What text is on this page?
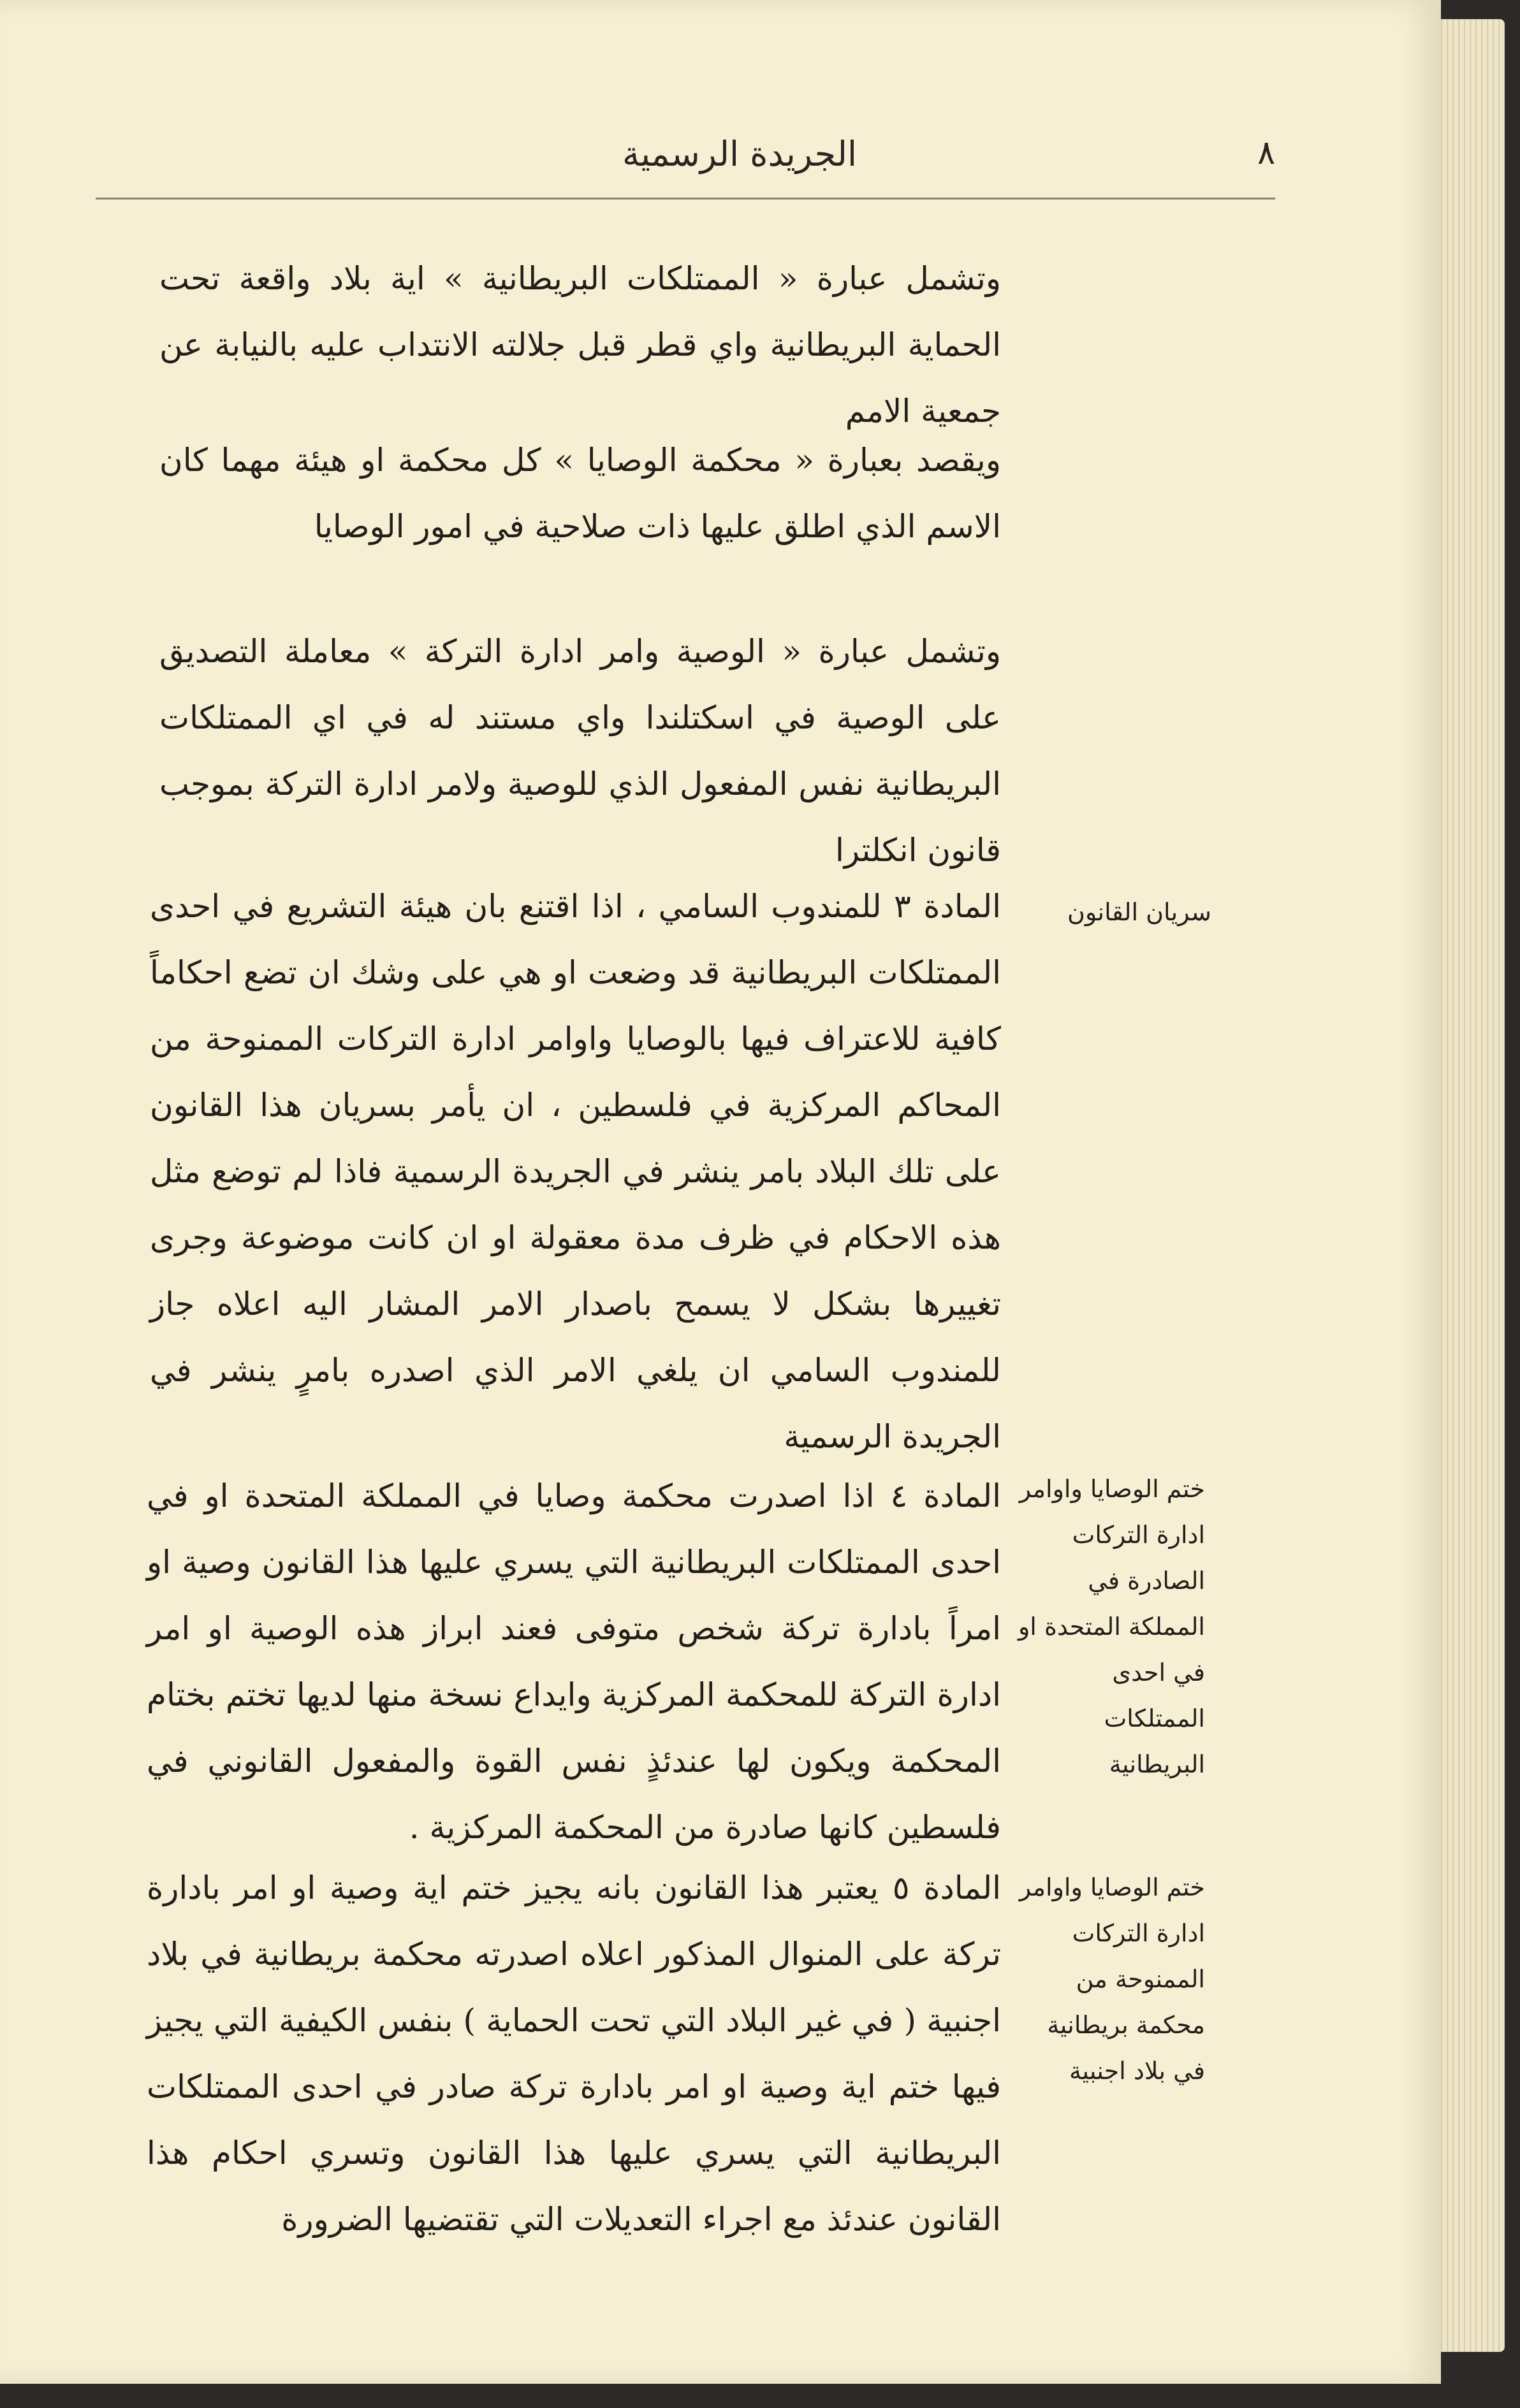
٨
الجريدة الرسمية
وتشمل عبارة « الممتلكات البريطانية » اية بلاد واقعة تحت الحماية البريطانية واي قطر قبل جلالته الانتداب عليه بالنيابة عن جمعية الامم
ويقصد بعبارة « محكمة الوصايا » كل محكمة او هيئة مهما كان الاسم الذي اطلق عليها ذات صلاحية في امور الوصايا
وتشمل عبارة « الوصية وامر ادارة التركة » معاملة التصديق على الوصية في اسكتلندا واي مستند له في اي الممتلكات البريطانية نفس المفعول الذي للوصية ولامر ادارة التركة بموجب قانون انكلترا
المادة ٣ للمندوب السامي ، اذا اقتنع بان هيئة التشريع في احدى الممتلكات البريطانية قد وضعت او هي على وشك ان تضع احكاماً كافية للاعتراف فيها بالوصايا واوامر ادارة التركات الممنوحة من المحاكم المركزية في فلسطين ، ان يأمر بسريان هذا القانون على تلك البلاد بامر ينشر في الجريدة الرسمية فاذا لم توضع مثل هذه الاحكام في ظرف مدة معقولة او ان كانت موضوعة وجرى تغييرها بشكل لا يسمح باصدار الامر المشار اليه اعلاه جاز للمندوب السامي ان يلغي الامر الذي اصدره بامرٍ ينشر في الجريدة الرسمية
المادة ٤ اذا اصدرت محكمة وصايا في المملكة المتحدة او في احدى الممتلكات البريطانية التي يسري عليها هذا القانون وصية او امراً بادارة تركة شخص متوفى فعند ابراز هذه الوصية او امر ادارة التركة للمحكمة المركزية وايداع نسخة منها لديها تختم بختام المحكمة ويكون لها عندئذٍ نفس القوة والمفعول القانوني في فلسطين كانها صادرة من المحكمة المركزية .
المادة ٥ يعتبر هذا القانون بانه يجيز ختم اية وصية او امر بادارة تركة على المنوال المذكور اعلاه اصدرته محكمة بريطانية في بلاد اجنبية ( في غير البلاد التي تحت الحماية ) بنفس الكيفية التي يجيز فيها ختم اية وصية او امر بادارة تركة صادر في احدى الممتلكات البريطانية التي يسري عليها هذا القانون وتسري احكام هذا القانون عندئذ مع اجراء التعديلات التي تقتضيها الضرورة
سريان القانون
ختم الوصايا واوامر ادارة التركات الصادرة في المملكة المتحدة او في احدى الممتلكات البريطانية
ختم الوصايا واوامر ادارة التركات الممنوحة من محكمة بريطانية في بلاد اجنبية
